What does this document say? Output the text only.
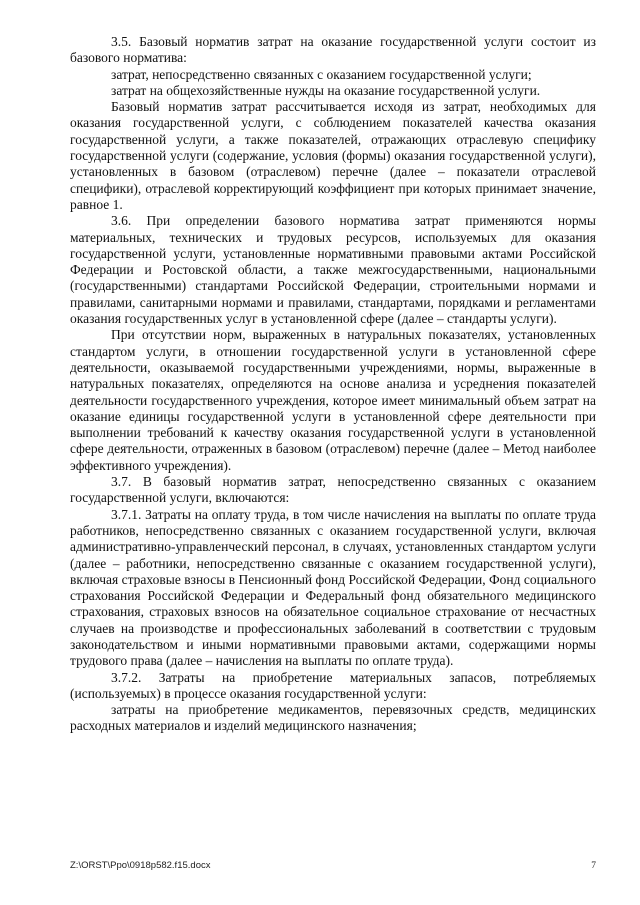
3.5. Базовый норматив затрат на оказание государственной услуги состоит из базового норматива:

затрат, непосредственно связанных с оказанием государственной услуги;

затрат на общехозяйственные нужды на оказание государственной услуги.

Базовый норматив затрат рассчитывается исходя из затрат, необходимых для оказания государственной услуги, с соблюдением показателей качества оказания государственной услуги, а также показателей, отражающих отраслевую специфику государственной услуги (содержание, условия (формы) оказания государственной услуги), установленных в базовом (отраслевом) перечне (далее – показатели отраслевой специфики), отраслевой корректирующий коэффициент при которых принимает значение, равное 1.

3.6. При определении базового норматива затрат применяются нормы материальных, технических и трудовых ресурсов, используемых для оказания государственной услуги, установленные нормативными правовыми актами Российской Федерации и Ростовской области, а также межгосударственными, национальными (государственными) стандартами Российской Федерации, строительными нормами и правилами, санитарными нормами и правилами, стандартами, порядками и регламентами оказания государственных услуг в установленной сфере (далее – стандарты услуги).

При отсутствии норм, выраженных в натуральных показателях, установленных стандартом услуги, в отношении государственной услуги в установленной сфере деятельности, оказываемой государственными учреждениями, нормы, выраженные в натуральных показателях, определяются на основе анализа и усреднения показателей деятельности государственного учреждения, которое имеет минимальный объем затрат на оказание единицы государственной услуги в установленной сфере деятельности при выполнении требований к качеству оказания государственной услуги в установленной сфере деятельности, отраженных в базовом (отраслевом) перечне (далее – Метод наиболее эффективного учреждения).

3.7. В базовый норматив затрат, непосредственно связанных с оказанием государственной услуги, включаются:

3.7.1. Затраты на оплату труда, в том числе начисления на выплаты по оплате труда работников, непосредственно связанных с оказанием государственной услуги, включая административно-управленческий персонал, в случаях, установленных стандартом услуги (далее – работники, непосредственно связанные с оказанием государственной услуги), включая страховые взносы в Пенсионный фонд Российской Федерации, Фонд социального страхования Российской Федерации и Федеральный фонд обязательного медицинского страхования, страховых взносов на обязательное социальное страхование от несчастных случаев на производстве и профессиональных заболеваний в соответствии с трудовым законодательством и иными нормативными правовыми актами, содержащими нормы трудового права (далее – начисления на выплаты по оплате труда).

3.7.2. Затраты на приобретение материальных запасов, потребляемых (используемых) в процессе оказания государственной услуги:

затраты на приобретение медикаментов, перевязочных средств, медицинских расходных материалов и изделий медицинского назначения;

Z:\ORST\Ppo\0918p582.f15.docx	7
